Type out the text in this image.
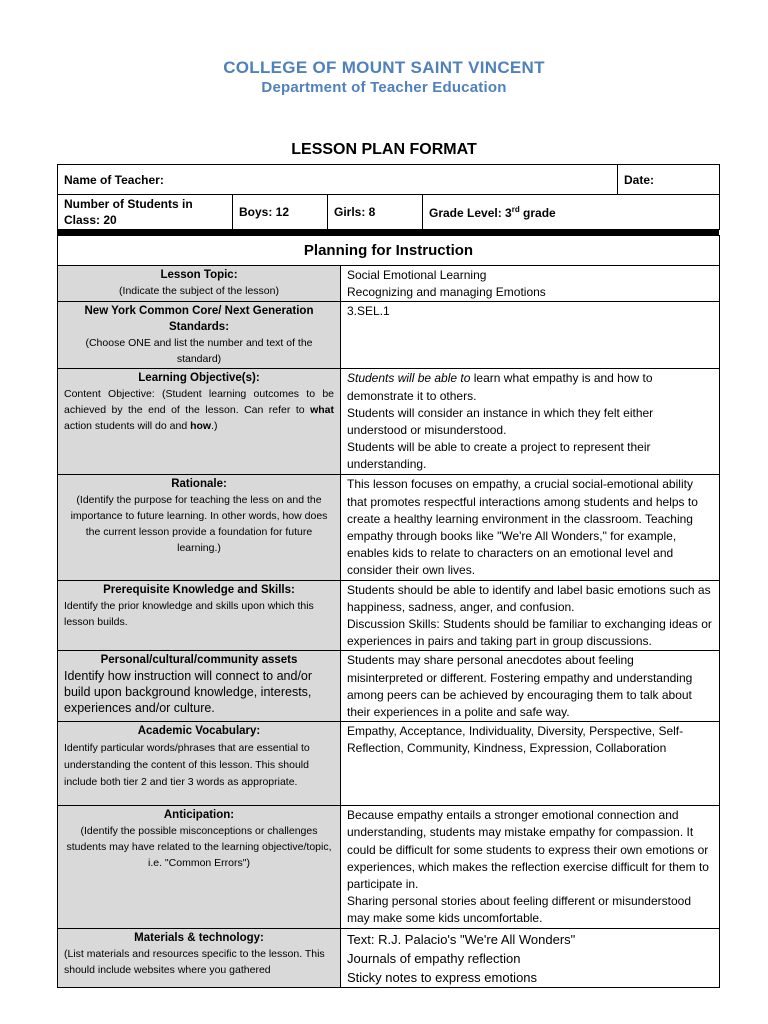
COLLEGE OF MOUNT SAINT VINCENT
Department of Teacher Education
LESSON PLAN FORMAT
Name of Teacher:				Date:
Number of Students in Class: 20	Boys: 12	Girls: 8	Grade Level: 3rd grade	
Planning for Instruction	

Lesson Topic:
(Indicate the subject of the lesson)	Social Emotional Learning
Recognizing and managing Emotions

New York Common Core/ Next Generation Standards:
(Choose ONE and list the number and text of the standard)	3.SEL.1

Learning Objective(s):
Content Objective: (Student learning outcomes to be achieved by the end of the lesson. Can refer to what action students will do and how.)	Students will be able to learn what empathy is and how to demonstrate it to others.
Students will consider an instance in which they felt either understood or misunderstood.
Students will be able to create a project to represent their understanding.

Rationale:
(Identify the purpose for teaching the less on and the importance to future learning. In other words, how does the current lesson provide a foundation for future learning.)	This lesson focuses on empathy, a crucial social-emotional ability that promotes respectful interactions among students and helps to create a healthy learning environment in the classroom. Teaching empathy through books like "We're All Wonders," for example, enables kids to relate to characters on an emotional level and consider their own lives.

Prerequisite Knowledge and Skills:
Identify the prior knowledge and skills upon which this lesson builds.	Students should be able to identify and label basic emotions such as happiness, sadness, anger, and confusion.
Discussion Skills: Students should be familiar to exchanging ideas or experiences in pairs and taking part in group discussions.

Personal/cultural/community assets
Identify how instruction will connect to and/or build upon background knowledge, interests, experiences and/or culture.	Students may share personal anecdotes about feeling misinterpreted or different. Fostering empathy and understanding among peers can be achieved by encouraging them to talk about their experiences in a polite and safe way.

Academic Vocabulary:
Identify particular words/phrases that are essential to understanding the content of this lesson. This should include both tier 2 and tier 3 words as appropriate.	Empathy, Acceptance, Individuality, Diversity, Perspective, Self-Reflection, Community, Kindness, Expression, Collaboration

Anticipation:
(Identify the possible misconceptions or challenges students may have related to the learning objective/topic, i.e. "Common Errors")	Because empathy entails a stronger emotional connection and understanding, students may mistake empathy for compassion. It could be difficult for some students to express their own emotions or experiences, which makes the reflection exercise difficult for them to participate in.
Sharing personal stories about feeling different or misunderstood may make some kids uncomfortable.

Materials & technology:
(List materials and resources specific to the lesson. This should include websites where you gathered	Text: R.J. Palacio's "We're All Wonders"
Journals of empathy reflection
Sticky notes to express emotions
